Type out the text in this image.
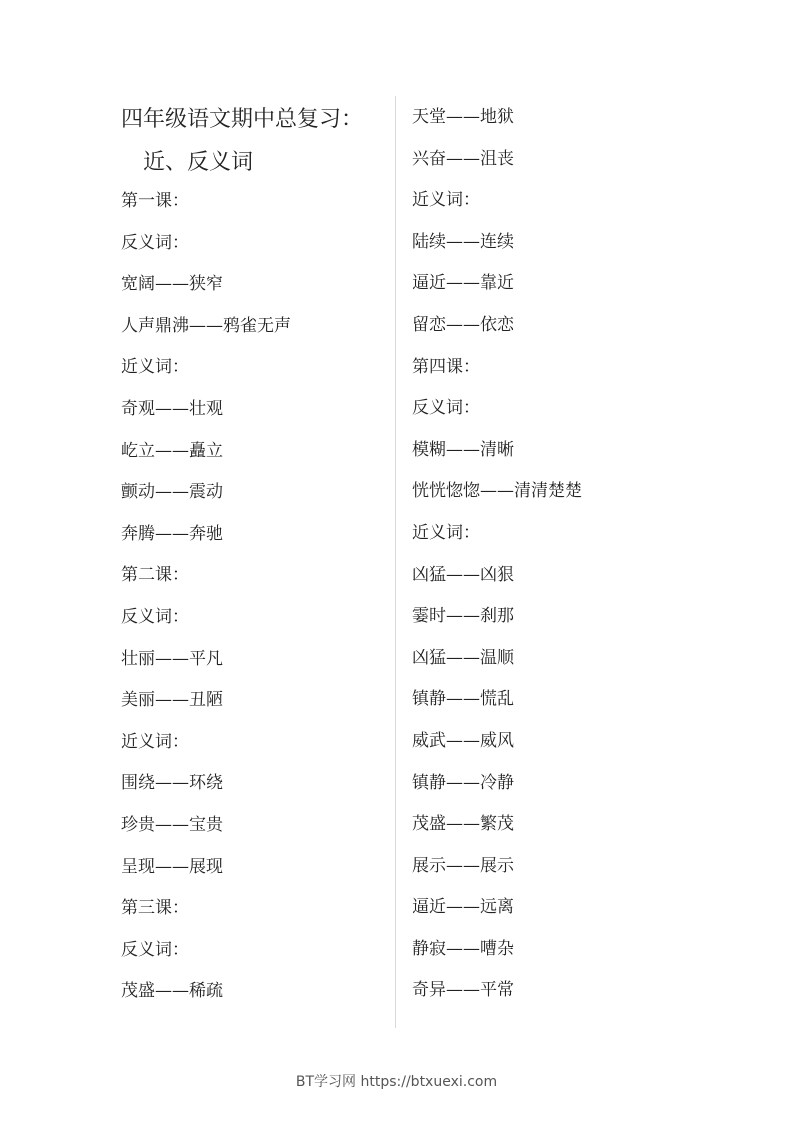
四年级语文期中总复习：
近、反义词
第一课：
反义词：
宽阔——狭窄
人声鼎沸——鸦雀无声
近义词：
奇观——壮观
屹立——矗立
颤动——震动
奔腾——奔驰
第二课：
反义词：
壮丽——平凡
美丽——丑陋
近义词：
围绕——环绕
珍贵——宝贵
呈现——展现
第三课：
反义词：
茂盛——稀疏
天堂——地狱
兴奋——沮丧
近义词：
陆续——连续
逼近——靠近
留恋——依恋
第四课：
反义词：
模糊——清晰
恍恍惚惚——清清楚楚
近义词：
凶猛——凶狠
霎时——刹那
凶猛——温顺
镇静——慌乱
威武——威风
镇静——冷静
茂盛——繁茂
展示——展示
逼近——远离
静寂——嘈杂
奇异——平常
BT学习网 https://btxuexi.com
